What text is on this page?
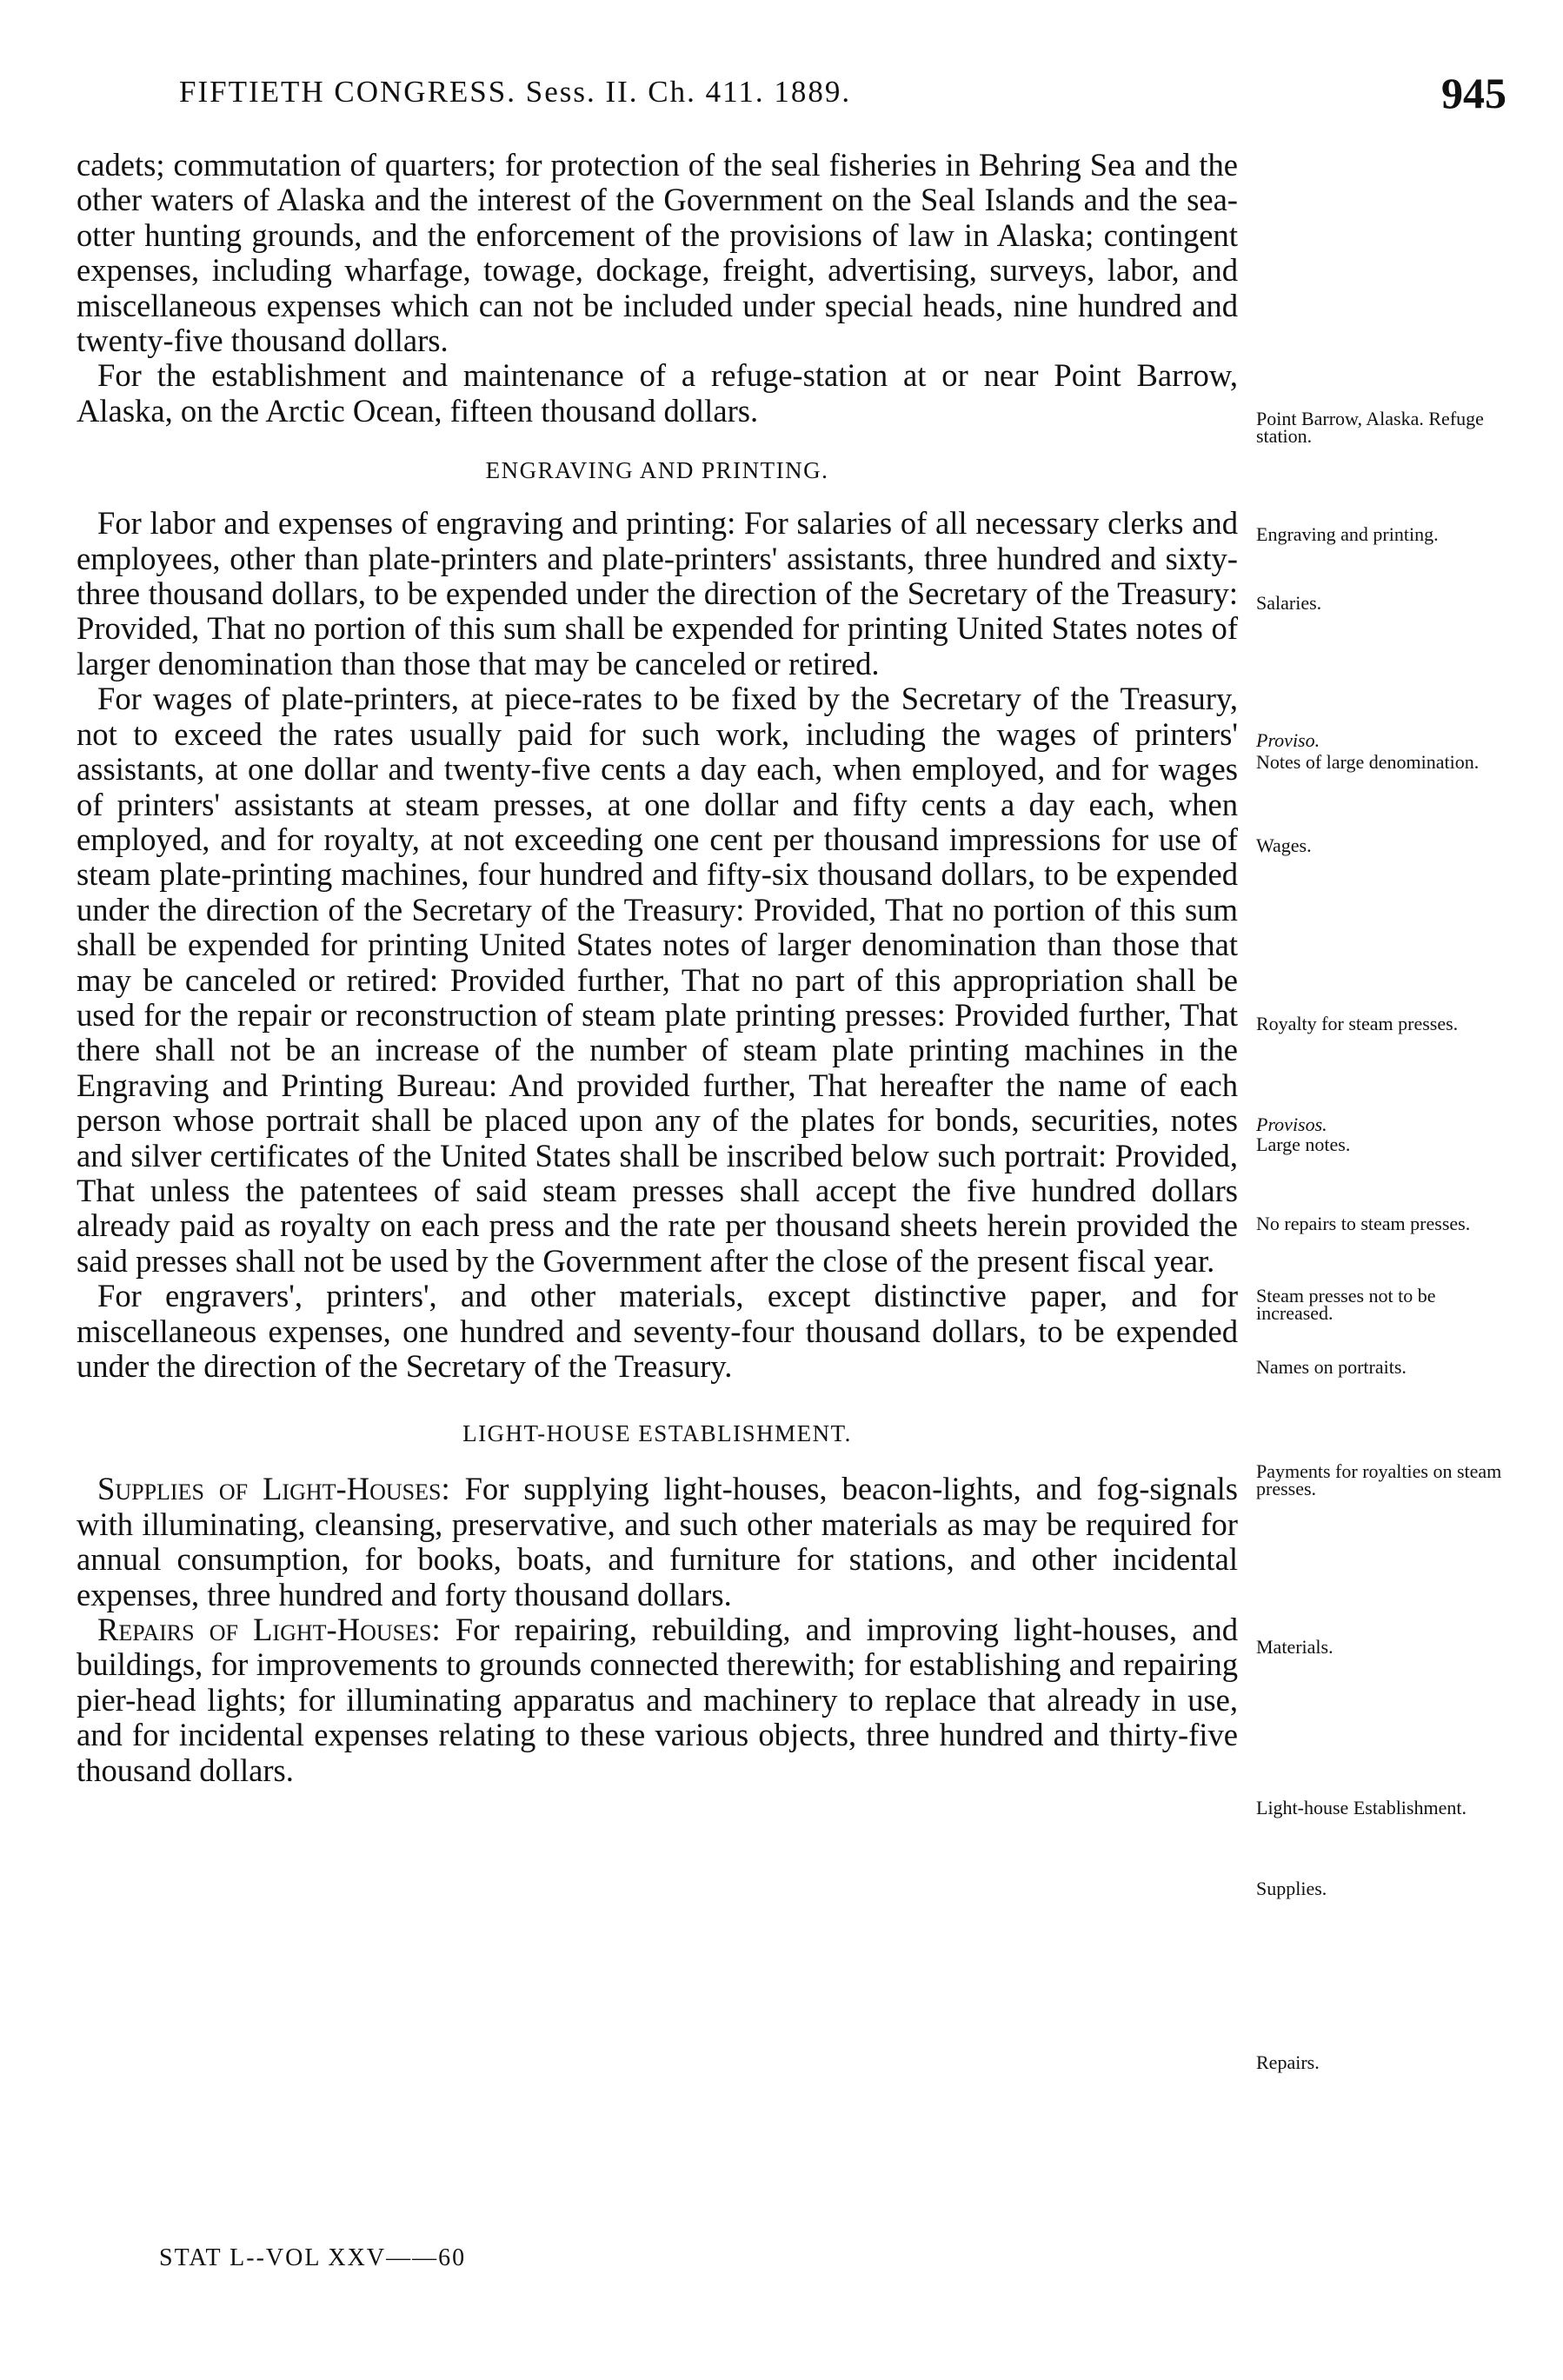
FIFTIETH CONGRESS. Sess. II. Ch. 411. 1889.	945

cadets; commutation of quarters; for protection of the seal fisheries in Behring Sea and the other waters of Alaska and the interest of the Government on the Seal Islands and the sea-otter hunting grounds, and the enforcement of the provisions of law in Alaska; contingent expenses, including wharfage, towage, dockage, freight, advertising, surveys, labor, and miscellaneous expenses which can not be included under special heads, nine hundred and twenty-five thousand dollars.

For the establishment and maintenance of a refuge-station at or near Point Barrow, Alaska, on the Arctic Ocean, fifteen thousand dollars.

ENGRAVING AND PRINTING.

For labor and expenses of engraving and printing: For salaries of all necessary clerks and employees, other than plate-printers and plate-printers' assistants, three hundred and sixty-three thousand dollars, to be expended under the direction of the Secretary of the Treasury: Provided, That no portion of this sum shall be expended for printing United States notes of larger denomination than those that may be canceled or retired.

For wages of plate-printers, at piece-rates to be fixed by the Secretary of the Treasury, not to exceed the rates usually paid for such work, including the wages of printers' assistants, at one dollar and twenty-five cents a day each, when employed, and for wages of printers' assistants at steam presses, at one dollar and fifty cents a day each, when employed, and for royalty, at not exceeding one cent per thousand impressions for use of steam plate-printing machines, four hundred and fifty-six thousand dollars, to be expended under the direction of the Secretary of the Treasury: Provided, That no portion of this sum shall be expended for printing United States notes of larger denomination than those that may be canceled or retired: Provided further, That no part of this appropriation shall be used for the repair or reconstruction of steam plate printing presses: Provided further, That there shall not be an increase of the number of steam plate printing machines in the Engraving and Printing Bureau: And provided further, That hereafter the name of each person whose portrait shall be placed upon any of the plates for bonds, securities, notes and silver certificates of the United States shall be inscribed below such portrait: Provided, That unless the patentees of said steam presses shall accept the five hundred dollars already paid as royalty on each press and the rate per thousand sheets herein provided the said presses shall not be used by the Government after the close of the present fiscal year.

For engravers', printers', and other materials, except distinctive paper, and for miscellaneous expenses, one hundred and seventy-four thousand dollars, to be expended under the direction of the Secretary of the Treasury.

LIGHT-HOUSE ESTABLISHMENT.

Supplies of Light-Houses: For supplying light-houses, beacon-lights, and fog-signals with illuminating, cleansing, preservative, and such other materials as may be required for annual consumption, for books, boats, and furniture for stations, and other incidental expenses, three hundred and forty thousand dollars.

Repairs of Light-Houses: For repairing, rebuilding, and improving light-houses, and buildings, for improvements to grounds connected therewith; for establishing and repairing pier-head lights; for illuminating apparatus and machinery to replace that already in use, and for incidental expenses relating to these various objects, three hundred and thirty-five thousand dollars.

Point Barrow, Alaska. Refuge station.
Engraving and printing.
Salaries.
Proviso.
Notes of large denomination.
Wages.
Royalty for steam presses.
Provisos.
Large notes.
No repairs to steam presses.
Steam presses not to be increased.
Names on portraits.
Payments for royalties on steam presses.
Materials.
Light-house Establishment.
Supplies.
Repairs.
STAT L--VOL XXV——60
